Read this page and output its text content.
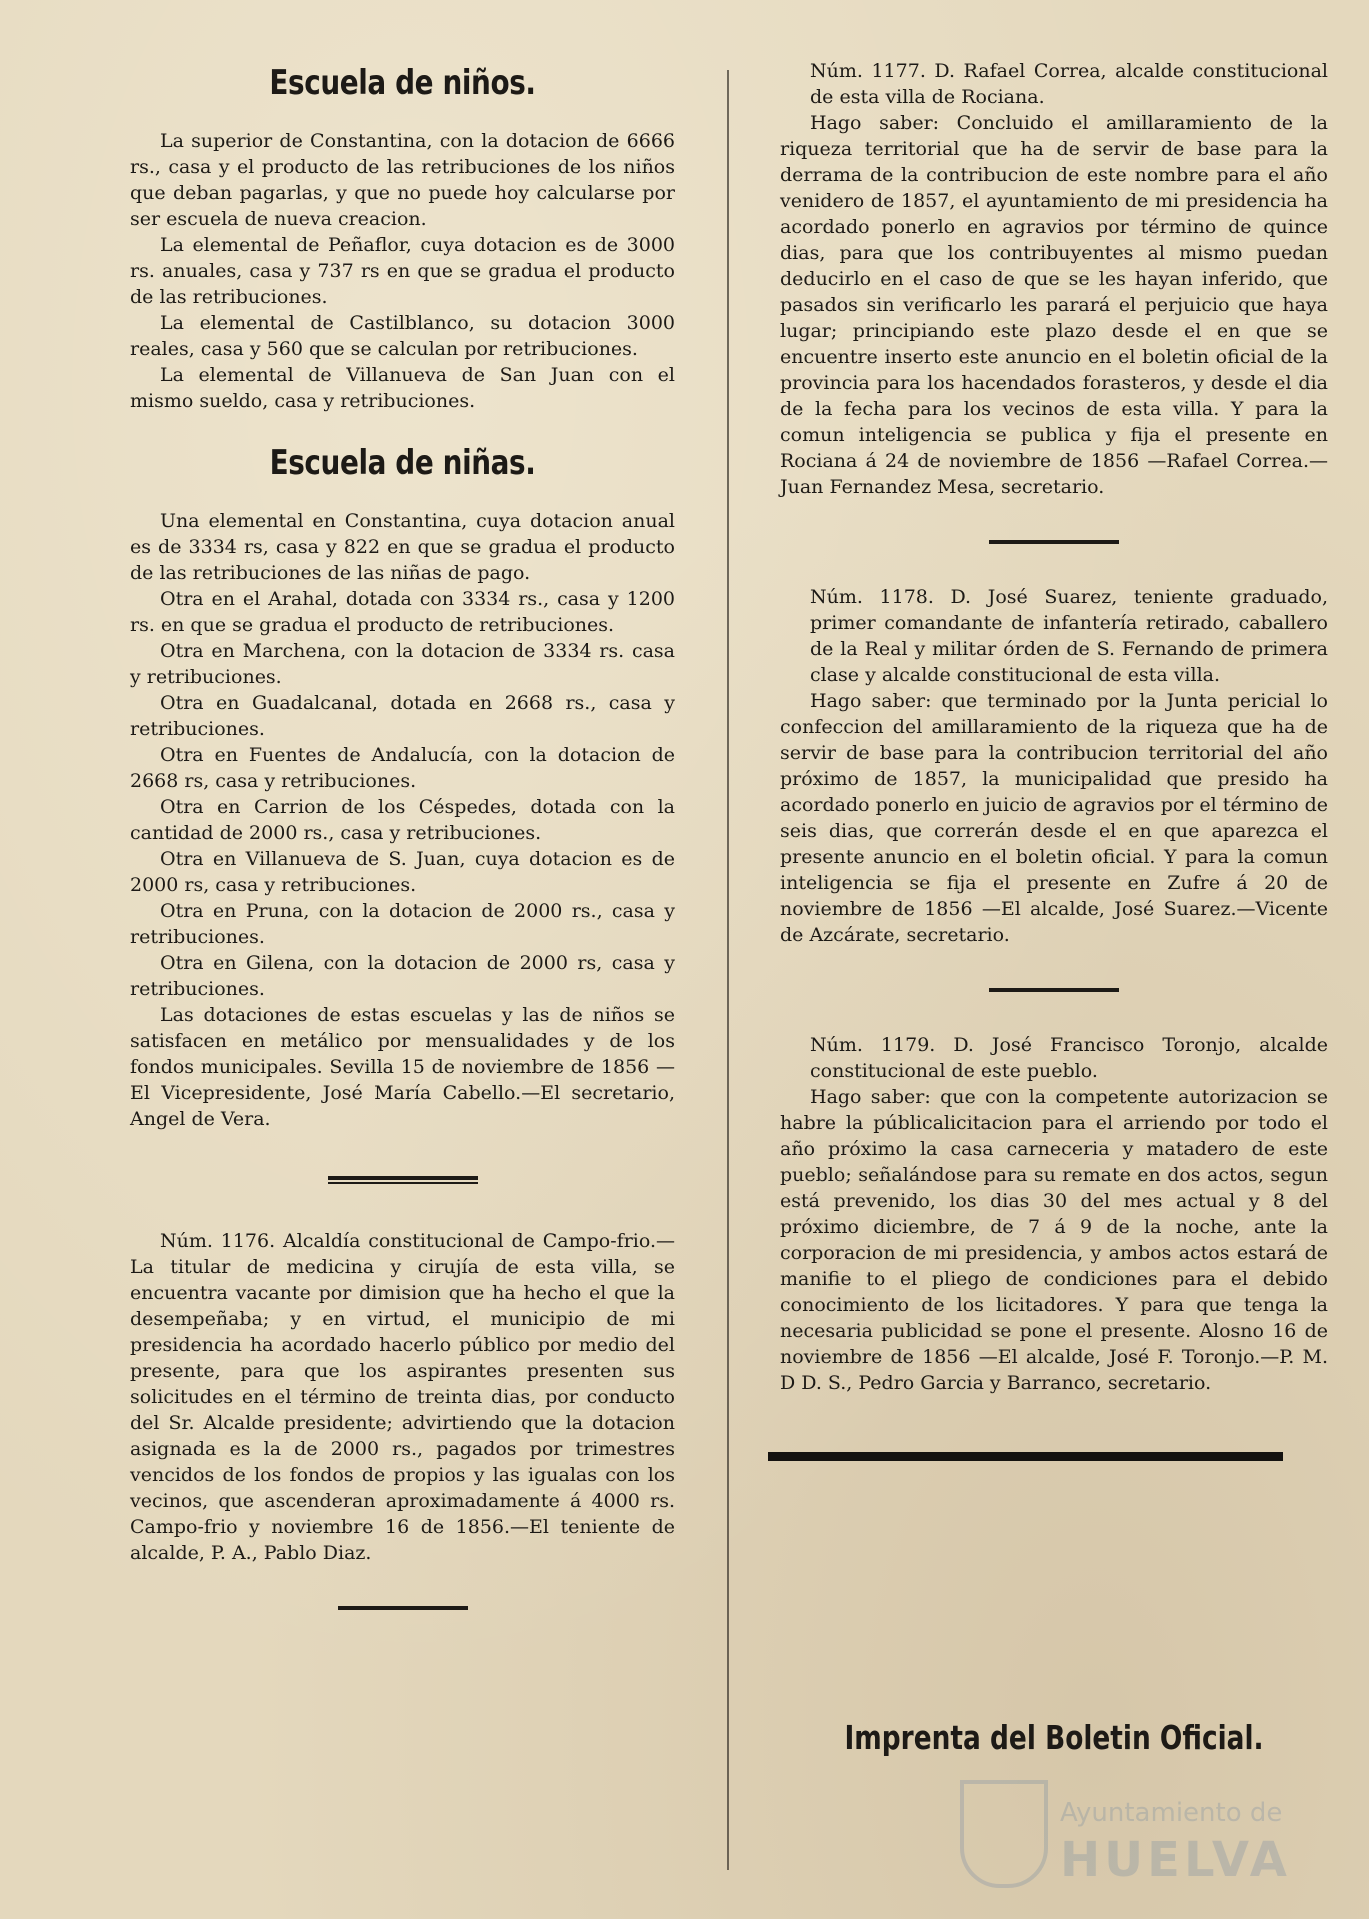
Escuela de niños.

La superior de Constantina, con la dotacion de 6666 rs., casa y el producto de las retribuciones de los niños que deban pagarlas, y que no puede hoy calcularse por ser escuela de nueva creacion.

La elemental de Peñaflor, cuya dotacion es de 3000 rs. anuales, casa y 737 rs en que se gradua el producto de las retribuciones.

La elemental de Castilblanco, su dotacion 3000 reales, casa y 560 que se calculan por retribuciones.

La elemental de Villanueva de San Juan con el mismo sueldo, casa y retribuciones.

Escuela de niñas.

Una elemental en Constantina, cuya dotacion anual es de 3334 rs, casa y 822 en que se gradua el producto de las retribuciones de las niñas de pago.

Otra en el Arahal, dotada con 3334 rs., casa y 1200 rs. en que se gradua el producto de retribuciones.

Otra en Marchena, con la dotacion de 3334 rs. casa y retribuciones.

Otra en Guadalcanal, dotada en 2668 rs., casa y retribuciones.

Otra en Fuentes de Andalucía, con la dotacion de 2668 rs, casa y retribuciones.

Otra en Carrion de los Céspedes, dotada con la cantidad de 2000 rs., casa y retribuciones.

Otra en Villanueva de S. Juan, cuya dotacion es de 2000 rs, casa y retribuciones.

Otra en Pruna, con la dotacion de 2000 rs., casa y retribuciones.

Otra en Gilena, con la dotacion de 2000 rs, casa y retribuciones.

Las dotaciones de estas escuelas y las de niños se satisfacen en metálico por mensualidades y de los fondos municipales. Sevilla 15 de noviembre de 1856 —El Vicepresidente, José María Cabello.—El secretario, Angel de Vera.

Núm. 1176. Alcaldía constitucional de Campo-frio.— La titular de medicina y cirujía de esta villa, se encuentra vacante por dimision que ha hecho el que la desempeñaba; y en virtud, el municipio de mi presidencia ha acordado hacerlo público por medio del presente, para que los aspirantes presenten sus solicitudes en el término de treinta dias, por conducto del Sr. Alcalde presidente; advirtiendo que la dotacion asignada es la de 2000 rs., pagados por trimestres vencidos de los fondos de propios y las igualas con los vecinos, que ascenderan aproximadamente á 4000 rs. Campo-frio y noviembre 16 de 1856.—El teniente de alcalde, P. A., Pablo Diaz.

Núm. 1177. D. Rafael Correa, alcalde constitucional de esta villa de Rociana.

Hago saber: Concluido el amillaramiento de la riqueza territorial que ha de servir de base para la derrama de la contribucion de este nombre para el año venidero de 1857, el ayuntamiento de mi presidencia ha acordado ponerlo en agravios por término de quince dias, para que los contribuyentes al mismo puedan deducirlo en el caso de que se les hayan inferido, que pasados sin verificarlo les parará el perjuicio que haya lugar; principiando este plazo desde el en que se encuentre inserto este anuncio en el boletin oficial de la provincia para los hacendados forasteros, y desde el dia de la fecha para los vecinos de esta villa. Y para la comun inteligencia se publica y fija el presente en Rociana á 24 de noviembre de 1856 —Rafael Correa.—Juan Fernandez Mesa, secretario.

Núm. 1178. D. José Suarez, teniente graduado, primer comandante de infantería retirado, caballero de la Real y militar órden de S. Fernando de primera clase y alcalde constitucional de esta villa.

Hago saber: que terminado por la Junta pericial lo confeccion del amillaramiento de la riqueza que ha de servir de base para la contribucion territorial del año próximo de 1857, la municipalidad que presido ha acordado ponerlo en juicio de agravios por el término de seis dias, que correrán desde el en que aparezca el presente anuncio en el boletin oficial. Y para la comun inteligencia se fija el presente en Zufre á 20 de noviembre de 1856 —El alcalde, José Suarez.—Vicente de Azcárate, secretario.

Núm. 1179. D. José Francisco Toronjo, alcalde constitucional de este pueblo.

Hago saber: que con la competente autorizacion se habre la públicalicitacion para el arriendo por todo el año próximo la casa carneceria y matadero de este pueblo; señalándose para su remate en dos actos, segun está prevenido, los dias 30 del mes actual y 8 del próximo diciembre, de 7 á 9 de la noche, ante la corporacion de mi presidencia, y ambos actos estará de manifie to el pliego de condiciones para el debido conocimiento de los licitadores. Y para que tenga la necesaria publicidad se pone el presente. Alosno 16 de noviembre de 1856 —El alcalde, José F. Toronjo.—P. M. D D. S., Pedro Garcia y Barranco, secretario.

Imprenta del Boletin Oficial.
Ayuntamiento de
HUELVA
